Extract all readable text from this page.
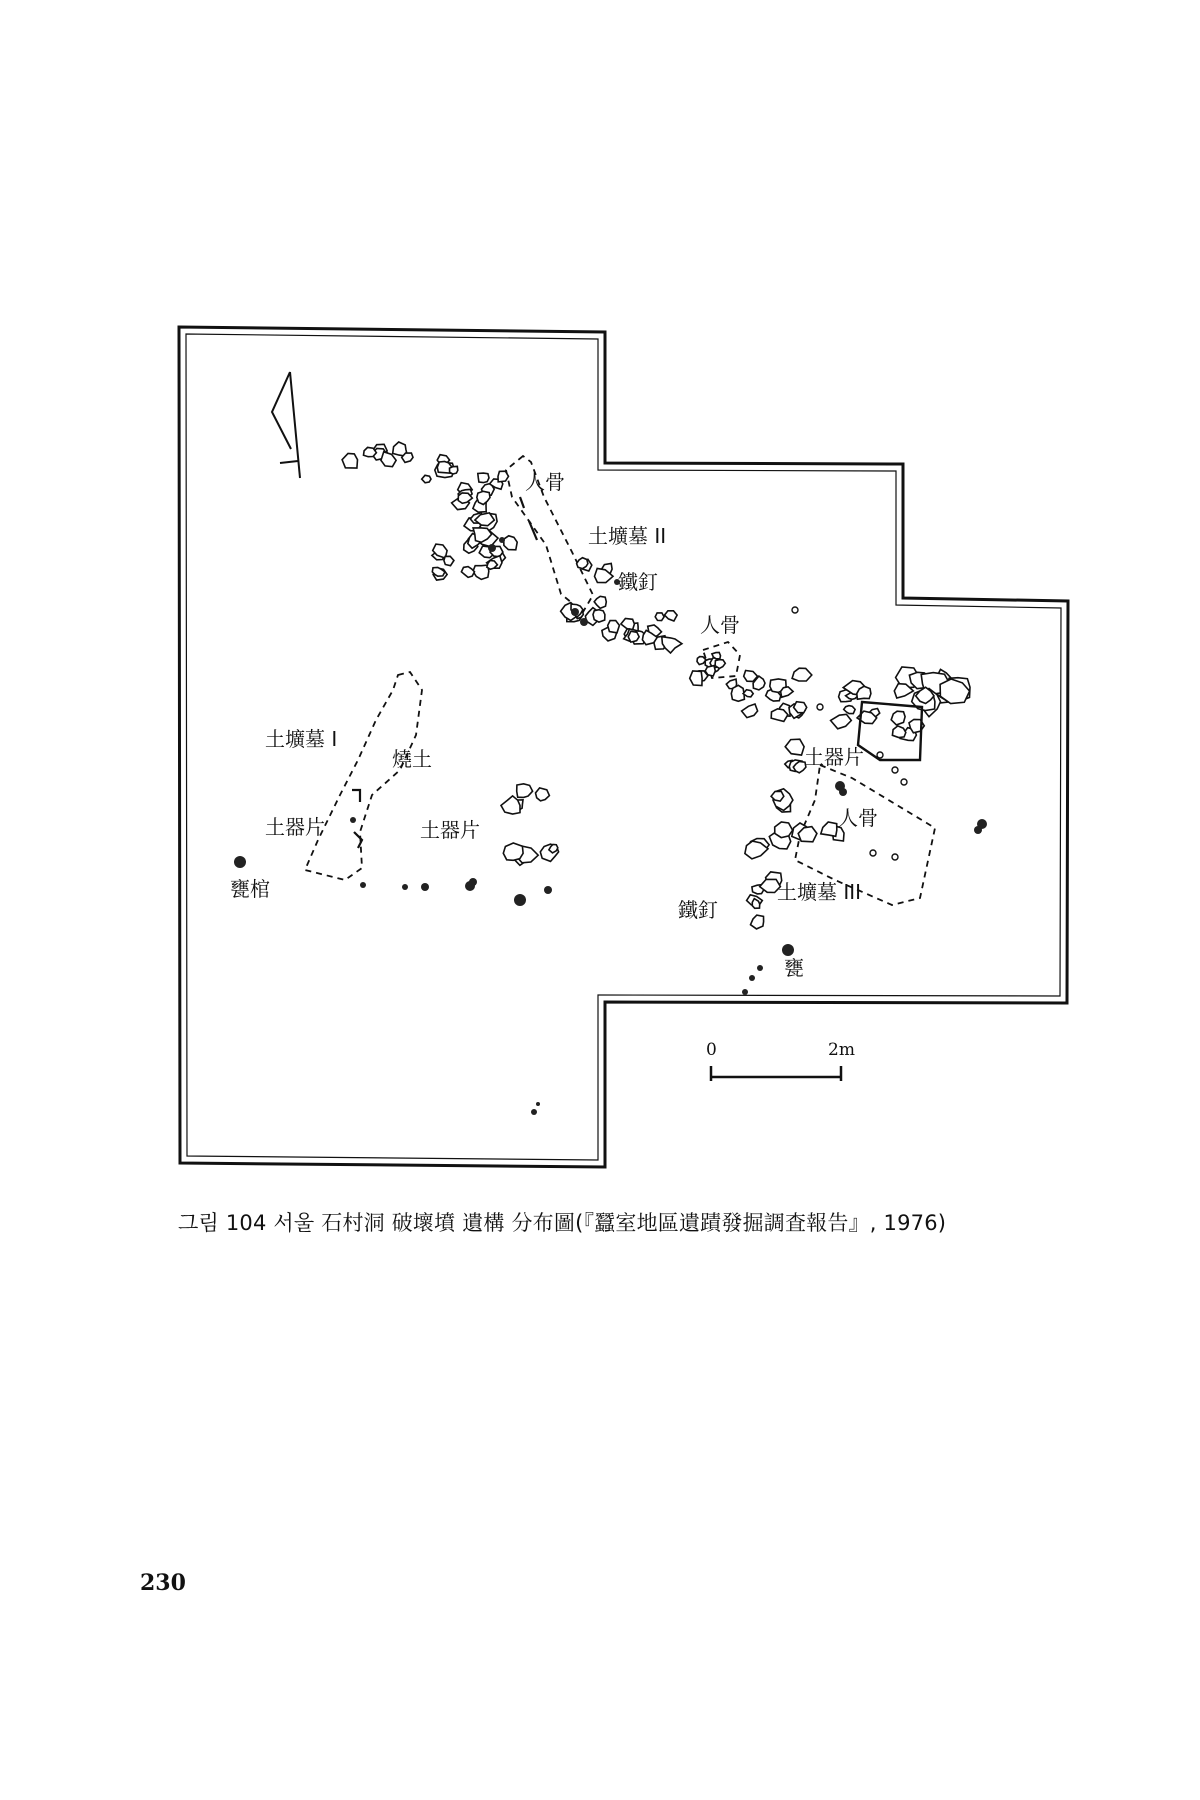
人骨
土壙墓 II
鐵釘
人骨
土壙墓 I
燒土	土器片
土器片	土器片	人骨
甕棺	土壙墓 III
鐵釘
甕
0	2m
그림 104 서울 石村洞 破壞墳 遺構 分布圖(『蠶室地區遺蹟發掘調査報告』, 1976)
230
